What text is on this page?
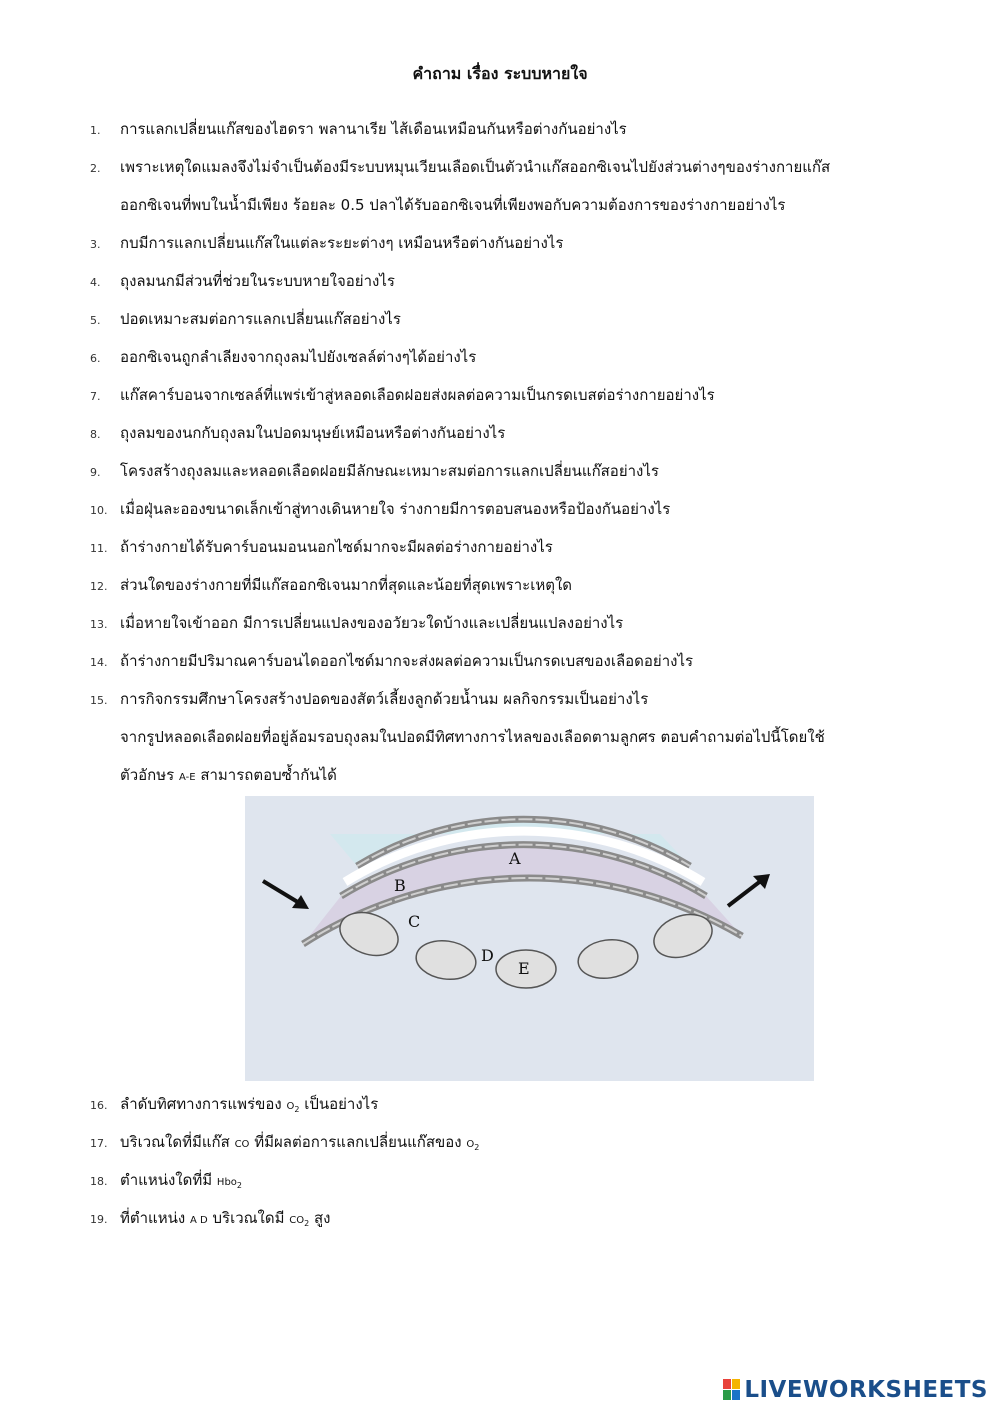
คำถาม เรื่อง ระบบหายใจ
1.	การแลกเปลี่ยนแก๊สของไฮดรา พลานาเรีย ไส้เดือนเหมือนกันหรือต่างกันอย่างไร
2.	เพราะเหตุใดแมลงจึงไม่จำเป็นต้องมีระบบหมุนเวียนเลือดเป็นตัวนำแก๊สออกซิเจนไปยังส่วนต่างๆของร่างกายแก๊ส
ออกซิเจนที่พบในน้ำมีเพียง ร้อยละ 0.5 ปลาได้รับออกซิเจนที่เพียงพอกับความต้องการของร่างกายอย่างไร
3.	กบมีการแลกเปลี่ยนแก๊สในแต่ละระยะต่างๆ เหมือนหรือต่างกันอย่างไร
4.	ถุงลมนกมีส่วนที่ช่วยในระบบหายใจอย่างไร
5.	ปอดเหมาะสมต่อการแลกเปลี่ยนแก๊สอย่างไร
6.	ออกซิเจนถูกลำเลียงจากถุงลมไปยังเซลล์ต่างๆได้อย่างไร
7.	แก๊สคาร์บอนจากเซลล์ที่แพร่เข้าสู่หลอดเลือดฝอยส่งผลต่อความเป็นกรดเบสต่อร่างกายอย่างไร
8.	ถุงลมของนกกับถุงลมในปอดมนุษย์เหมือนหรือต่างกันอย่างไร
9.	โครงสร้างถุงลมและหลอดเลือดฝอยมีลักษณะเหมาะสมต่อการแลกเปลี่ยนแก๊สอย่างไร
10. เมื่อฝุ่นละอองขนาดเล็กเข้าสู่ทางเดินหายใจ ร่างกายมีการตอบสนองหรือป้องกันอย่างไร
11. ถ้าร่างกายได้รับคาร์บอนมอนนอกไซด์มากจะมีผลต่อร่างกายอย่างไร
12. ส่วนใดของร่างกายที่มีแก๊สออกซิเจนมากที่สุดและน้อยที่สุดเพราะเหตุใด
13. เมื่อหายใจเข้าออก มีการเปลี่ยนแปลงของอวัยวะใดบ้างและเปลี่ยนแปลงอย่างไร
14. ถ้าร่างกายมีปริมาณคาร์บอนไดออกไซด์มากจะส่งผลต่อความเป็นกรดเบสของเลือดอย่างไร
15. การกิจกรรมศึกษาโครงสร้างปอดของสัตว์เลี้ยงลูกด้วยน้ำนม ผลกิจกรรมเป็นอย่างไร
จากรูปหลอดเลือดฝอยที่อยู่ล้อมรอบถุงลมในปอดมีทิศทางการไหลของเลือดตามลูกศร ตอบคำถามต่อไปนี้โดยใช้
ตัวอักษร A-E สามารถตอบซ้ำกันได้
16. ลำดับทิศทางการแพร่ของ $O_2$ เป็นอย่างไร
17. บริเวณใดที่มีแก๊ส CO ที่มีผลต่อการแลกเปลี่ยนแก๊สของ $O_2$
18. ตำแหน่งใดที่มี Hbo$_2$
19. ที่ตำแหน่ง A D บริเวณใดมี $CO_2$ สูง
A
B
C
D
E
LIVEWORKSHEETS
